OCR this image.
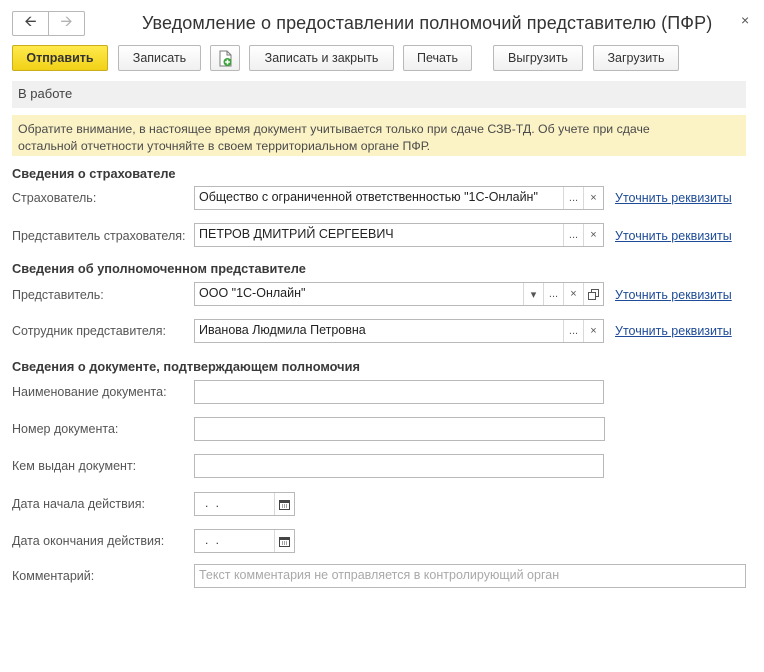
🡨 🡪	Уведомление о предоставлении полномочий представителю (ПФР) ×
Отправить	Записать	Записать и закрыть	Печать	Выгрузить	Загрузить
В работе
Обратите внимание, в настоящее время документ учитывается только при сдаче СЗВ-ТД. Об учете при сдаче
остальной отчетности уточняйте в своем территориальном органе ПФР.
Сведения о страхователе
Страхователь:	Общество с ограниченной ответственностью "1С-Онлайн"	...	×	Уточнить реквизиты
Представитель страхователя:	ПЕТРОВ ДМИТРИЙ СЕРГЕЕВИЧ	...	×	Уточнить реквизиты
Сведения об уполномоченном представителе
Представитель:	ООО "1С-Онлайн"	▾	...	×	Уточнить реквизиты
Сотрудник представителя:	Иванова Людмила Петровна	...	×	Уточнить реквизиты
Сведения о документе, подтверждающем полномочия
Наименование документа:
Номер документа:
Кем выдан документ:
Дата начала действия:	. .
Дата окончания действия:	. .
Комментарий:	Текст комментария не отправляется в контролирующий орган
